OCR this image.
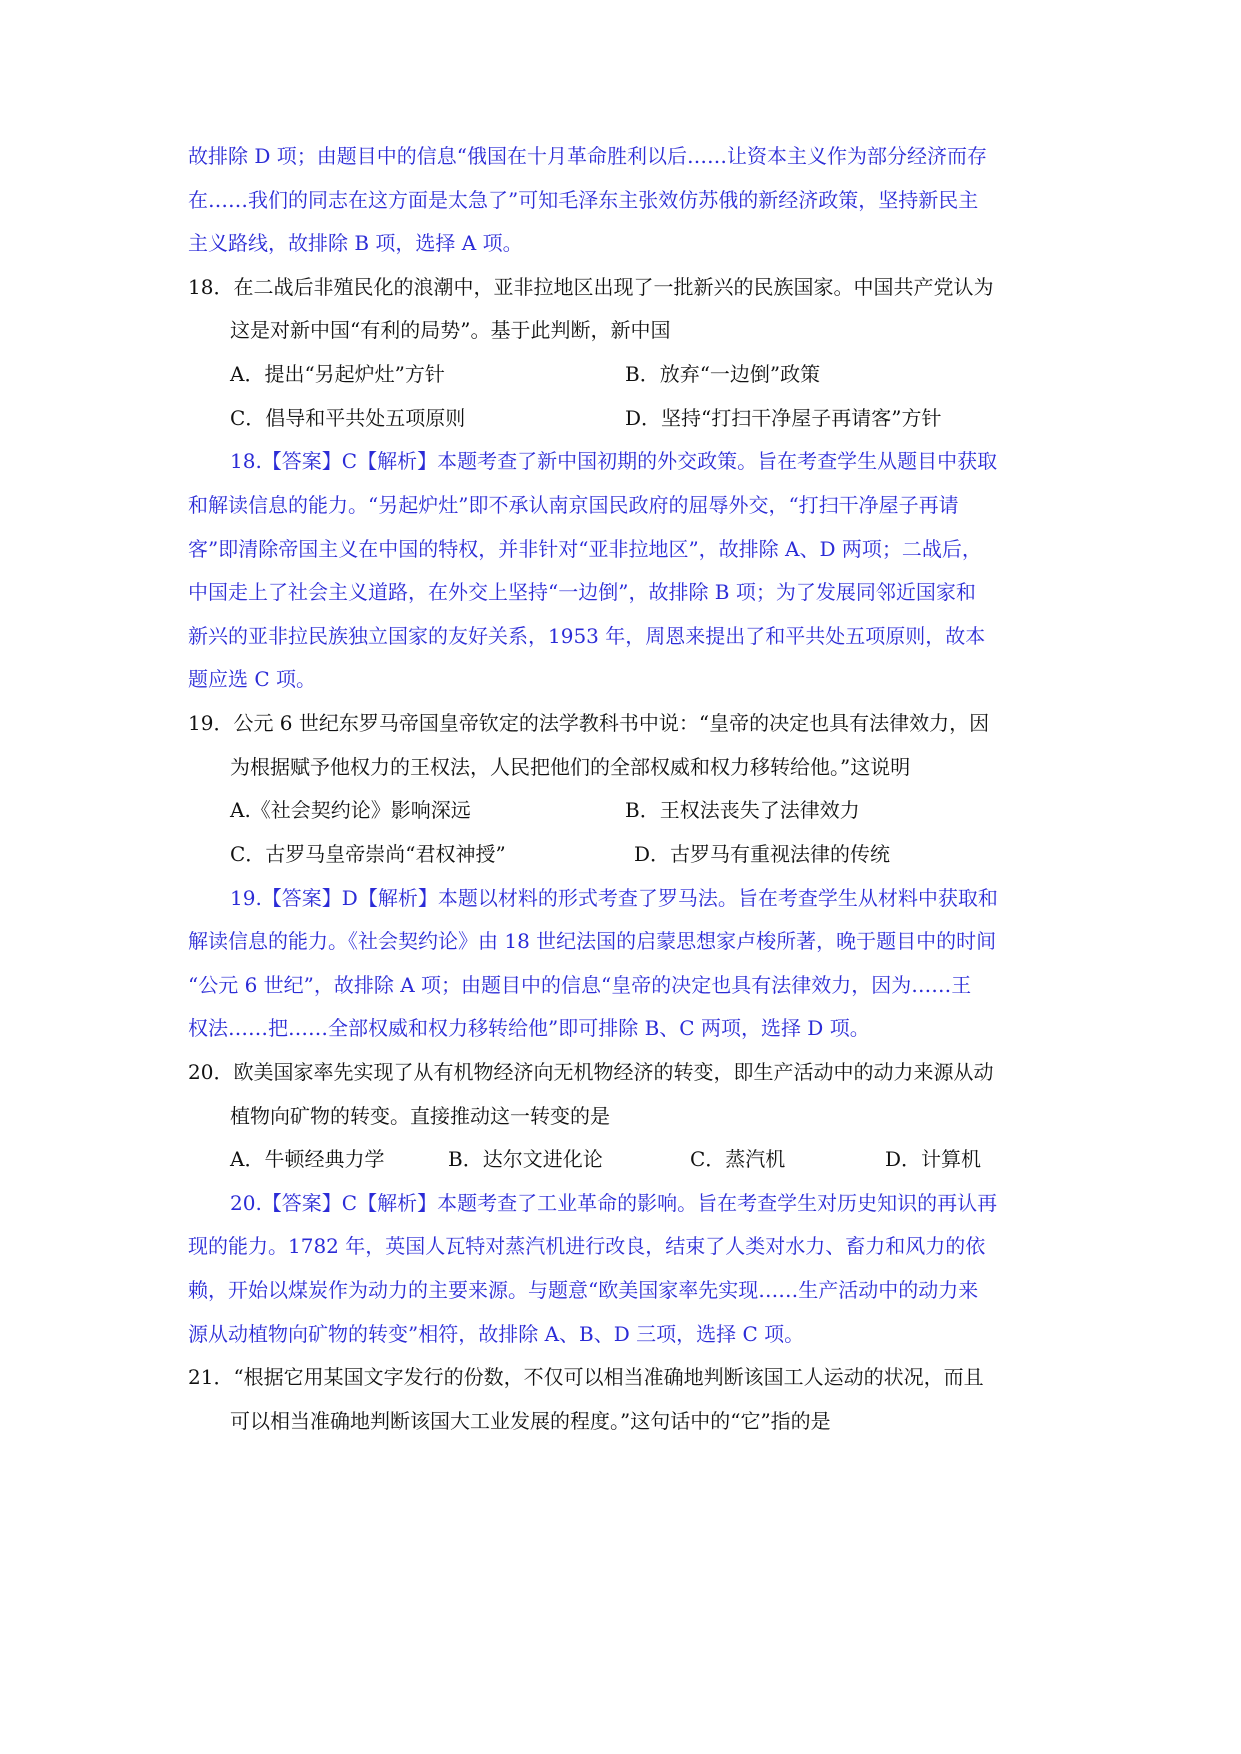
故排除 D 项；由题目中的信息“俄国在十月革命胜利以后……让资本主义作为部分经济而存
在……我们的同志在这方面是太急了”可知毛泽东主张效仿苏俄的新经济政策，坚持新民主
主义路线，故排除 B 项，选择 A 项。
18．在二战后非殖民化的浪潮中，亚非拉地区出现了一批新兴的民族国家。中国共产党认为
这是对新中国“有利的局势”。基于此判断，新中国
A．提出“另起炉灶”方针	B．放弃“一边倒”政策
C．倡导和平共处五项原则	D．坚持“打扫干净屋子再请客”方针
18.【答案】C【解析】本题考查了新中国初期的外交政策。旨在考查学生从题目中获取
和解读信息的能力。“另起炉灶”即不承认南京国民政府的屈辱外交，“打扫干净屋子再请
客”即清除帝国主义在中国的特权，并非针对“亚非拉地区”，故排除 A、D 两项；二战后，
中国走上了社会主义道路，在外交上坚持“一边倒”，故排除 B 项；为了发展同邻近国家和
新兴的亚非拉民族独立国家的友好关系，1953 年，周恩来提出了和平共处五项原则，故本
题应选 C 项。
19．公元 6 世纪东罗马帝国皇帝钦定的法学教科书中说：“皇帝的决定也具有法律效力，因
为根据赋予他权力的王权法，人民把他们的全部权威和权力移转给他。”这说明
A.《社会契约论》影响深远	B．王权法丧失了法律效力
C．古罗马皇帝崇尚“君权神授”	D．古罗马有重视法律的传统
19.【答案】D【解析】本题以材料的形式考查了罗马法。旨在考查学生从材料中获取和
解读信息的能力。《社会契约论》由 18 世纪法国的启蒙思想家卢梭所著，晚于题目中的时间
“公元 6 世纪”，故排除 A 项；由题目中的信息“皇帝的决定也具有法律效力，因为……王
权法……把……全部权威和权力移转给他”即可排除 B、C 两项，选择 D 项。
20．欧美国家率先实现了从有机物经济向无机物经济的转变，即生产活动中的动力来源从动
植物向矿物的转变。直接推动这一转变的是
A．牛顿经典力学	B．达尔文进化论	C．蒸汽机	D．计算机
20.【答案】C【解析】本题考查了工业革命的影响。旨在考查学生对历史知识的再认再
现的能力。1782 年，英国人瓦特对蒸汽机进行改良，结束了人类对水力、畜力和风力的依
赖，开始以煤炭作为动力的主要来源。与题意“欧美国家率先实现……生产活动中的动力来
源从动植物向矿物的转变”相符，故排除 A、B、D 三项，选择 C 项。
21．“根据它用某国文字发行的份数，不仅可以相当准确地判断该国工人运动的状况，而且
可以相当准确地判断该国大工业发展的程度。”这句话中的“它”指的是
